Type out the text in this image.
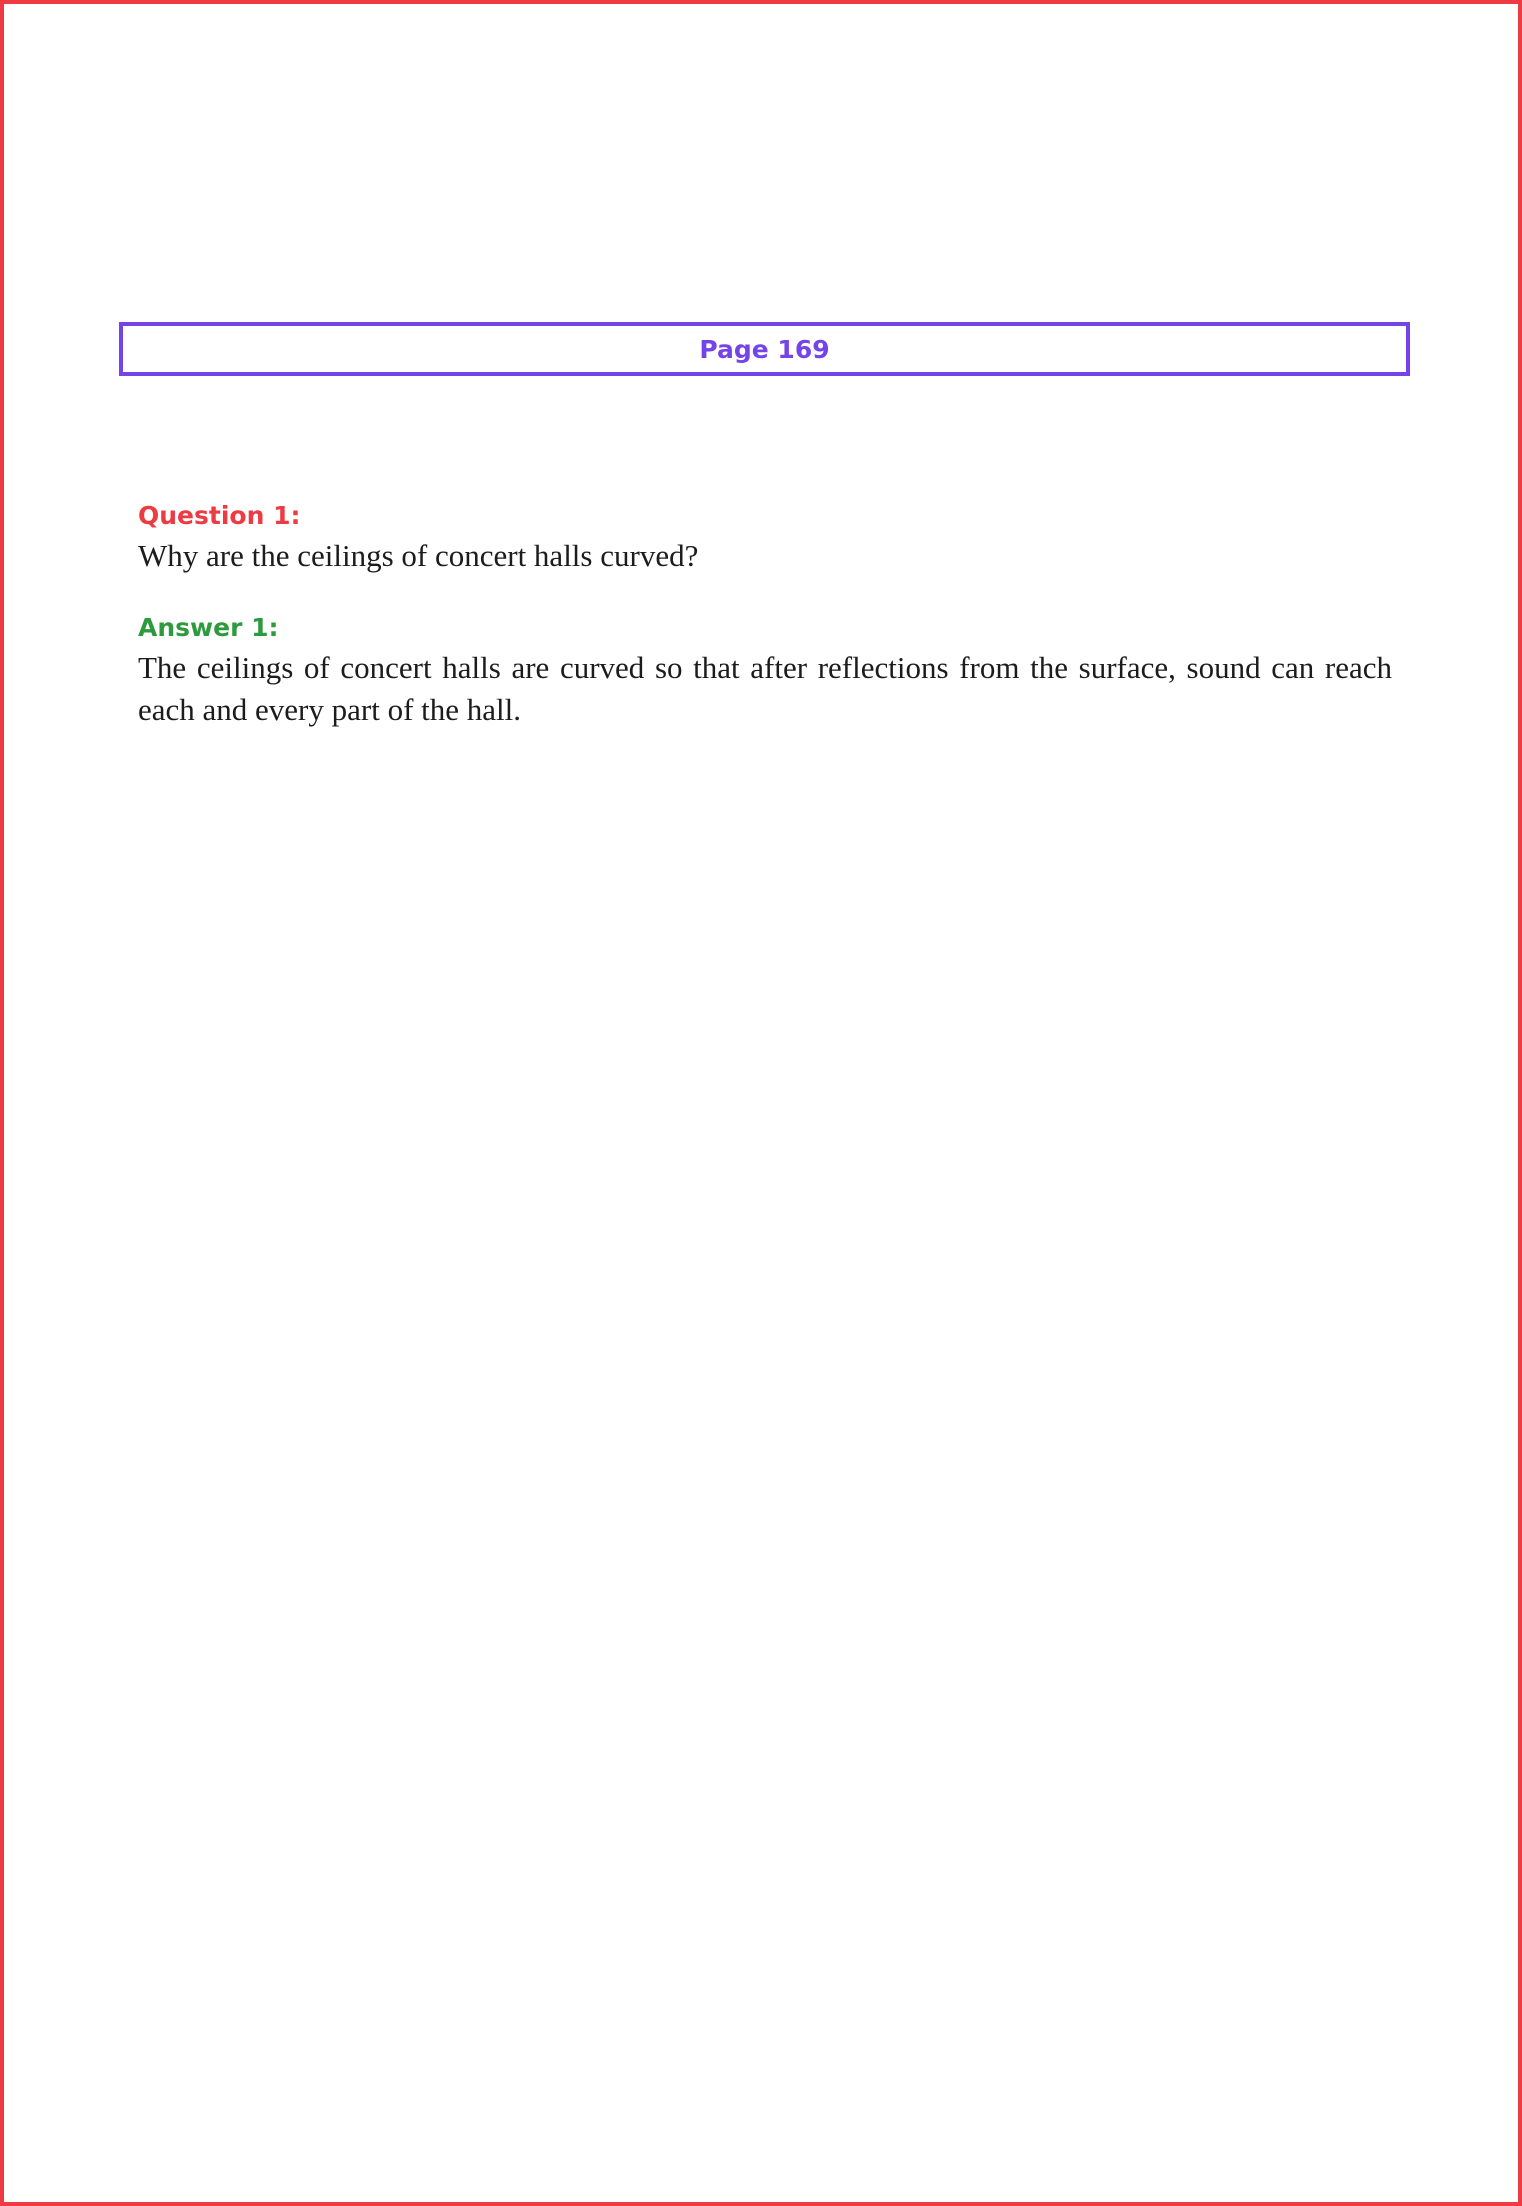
Page 169

Question 1:

Why are the ceilings of concert halls curved?

Answer 1:

The ceilings of concert halls are curved so that after reflections from the surface, sound can reach each and every part of the hall.
